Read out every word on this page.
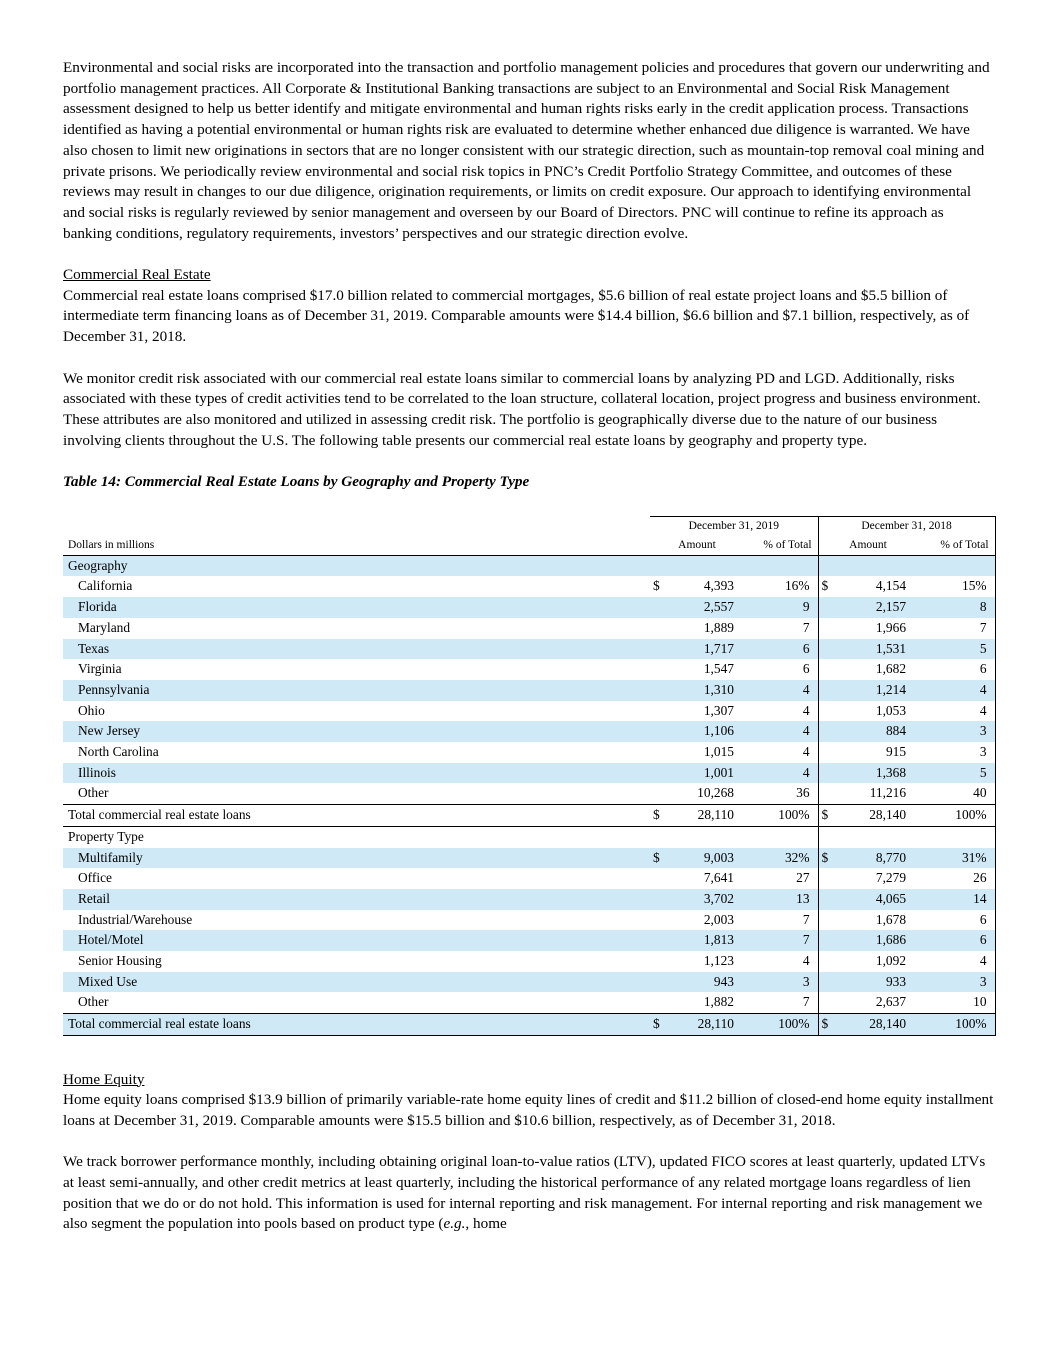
Environmental and social risks are incorporated into the transaction and portfolio management policies and procedures that govern our underwriting and portfolio management practices. All Corporate & Institutional Banking transactions are subject to an Environmental and Social Risk Management assessment designed to help us better identify and mitigate environmental and human rights risks early in the credit application process. Transactions identified as having a potential environmental or human rights risk are evaluated to determine whether enhanced due diligence is warranted. We have also chosen to limit new originations in sectors that are no longer consistent with our strategic direction, such as mountain-top removal coal mining and private prisons. We periodically review environmental and social risk topics in PNC’s Credit Portfolio Strategy Committee, and outcomes of these reviews may result in changes to our due diligence, origination requirements, or limits on credit exposure. Our approach to identifying environmental and social risks is regularly reviewed by senior management and overseen by our Board of Directors. PNC will continue to refine its approach as banking conditions, regulatory requirements, investors’ perspectives and our strategic direction evolve.

Commercial Real Estate

Commercial real estate loans comprised $17.0 billion related to commercial mortgages, $5.6 billion of real estate project loans and $5.5 billion of intermediate term financing loans as of December 31, 2019. Comparable amounts were $14.4 billion, $6.6 billion and $7.1 billion, respectively, as of December 31, 2018.

We monitor credit risk associated with our commercial real estate loans similar to commercial loans by analyzing PD and LGD. Additionally, risks associated with these types of credit activities tend to be correlated to the loan structure, collateral location, project progress and business environment. These attributes are also monitored and utilized in assessing credit risk. The portfolio is geographically diverse due to the nature of our business involving clients throughout the U.S. The following table presents our commercial real estate loans by geography and property type.

Table 14: Commercial Real Estate Loans by Geography and Property Type

	December 31, 2019			December 31, 2018		
Dollars in millions		Amount	% of Total		Amount	% of Total
Geography						
California	$	4,393	16%	$	4,154	15%
Florida		2,557	9		2,157	8
Maryland		1,889	7		1,966	7
Texas		1,717	6		1,531	5
Virginia		1,547	6		1,682	6
Pennsylvania		1,310	4		1,214	4
Ohio		1,307	4		1,053	4
New Jersey		1,106	4		884	3
North Carolina		1,015	4		915	3
Illinois		1,001	4		1,368	5
Other		10,268	36		11,216	40
Total commercial real estate loans	$	28,110	100%	$	28,140	100%
Property Type						
Multifamily	$	9,003	32%	$	8,770	31%
Office		7,641	27		7,279	26
Retail		3,702	13		4,065	14
Industrial/Warehouse		2,003	7		1,678	6
Hotel/Motel		1,813	7		1,686	6
Senior Housing		1,123	4		1,092	4
Mixed Use		943	3		933	3
Other		1,882	7		2,637	10
Total commercial real estate loans	$	28,110	100%	$	28,140	100%

Home Equity

Home equity loans comprised $13.9 billion of primarily variable-rate home equity lines of credit and $11.2 billion of closed-end home equity installment loans at December 31, 2019. Comparable amounts were $15.5 billion and $10.6 billion, respectively, as of December 31, 2018.

We track borrower performance monthly, including obtaining original loan-to-value ratios (LTV), updated FICO scores at least quarterly, updated LTVs at least semi-annually, and other credit metrics at least quarterly, including the historical performance of any related mortgage loans regardless of lien position that we do or do not hold. This information is used for internal reporting and risk management. For internal reporting and risk management we also segment the population into pools based on product type (e.g., home
